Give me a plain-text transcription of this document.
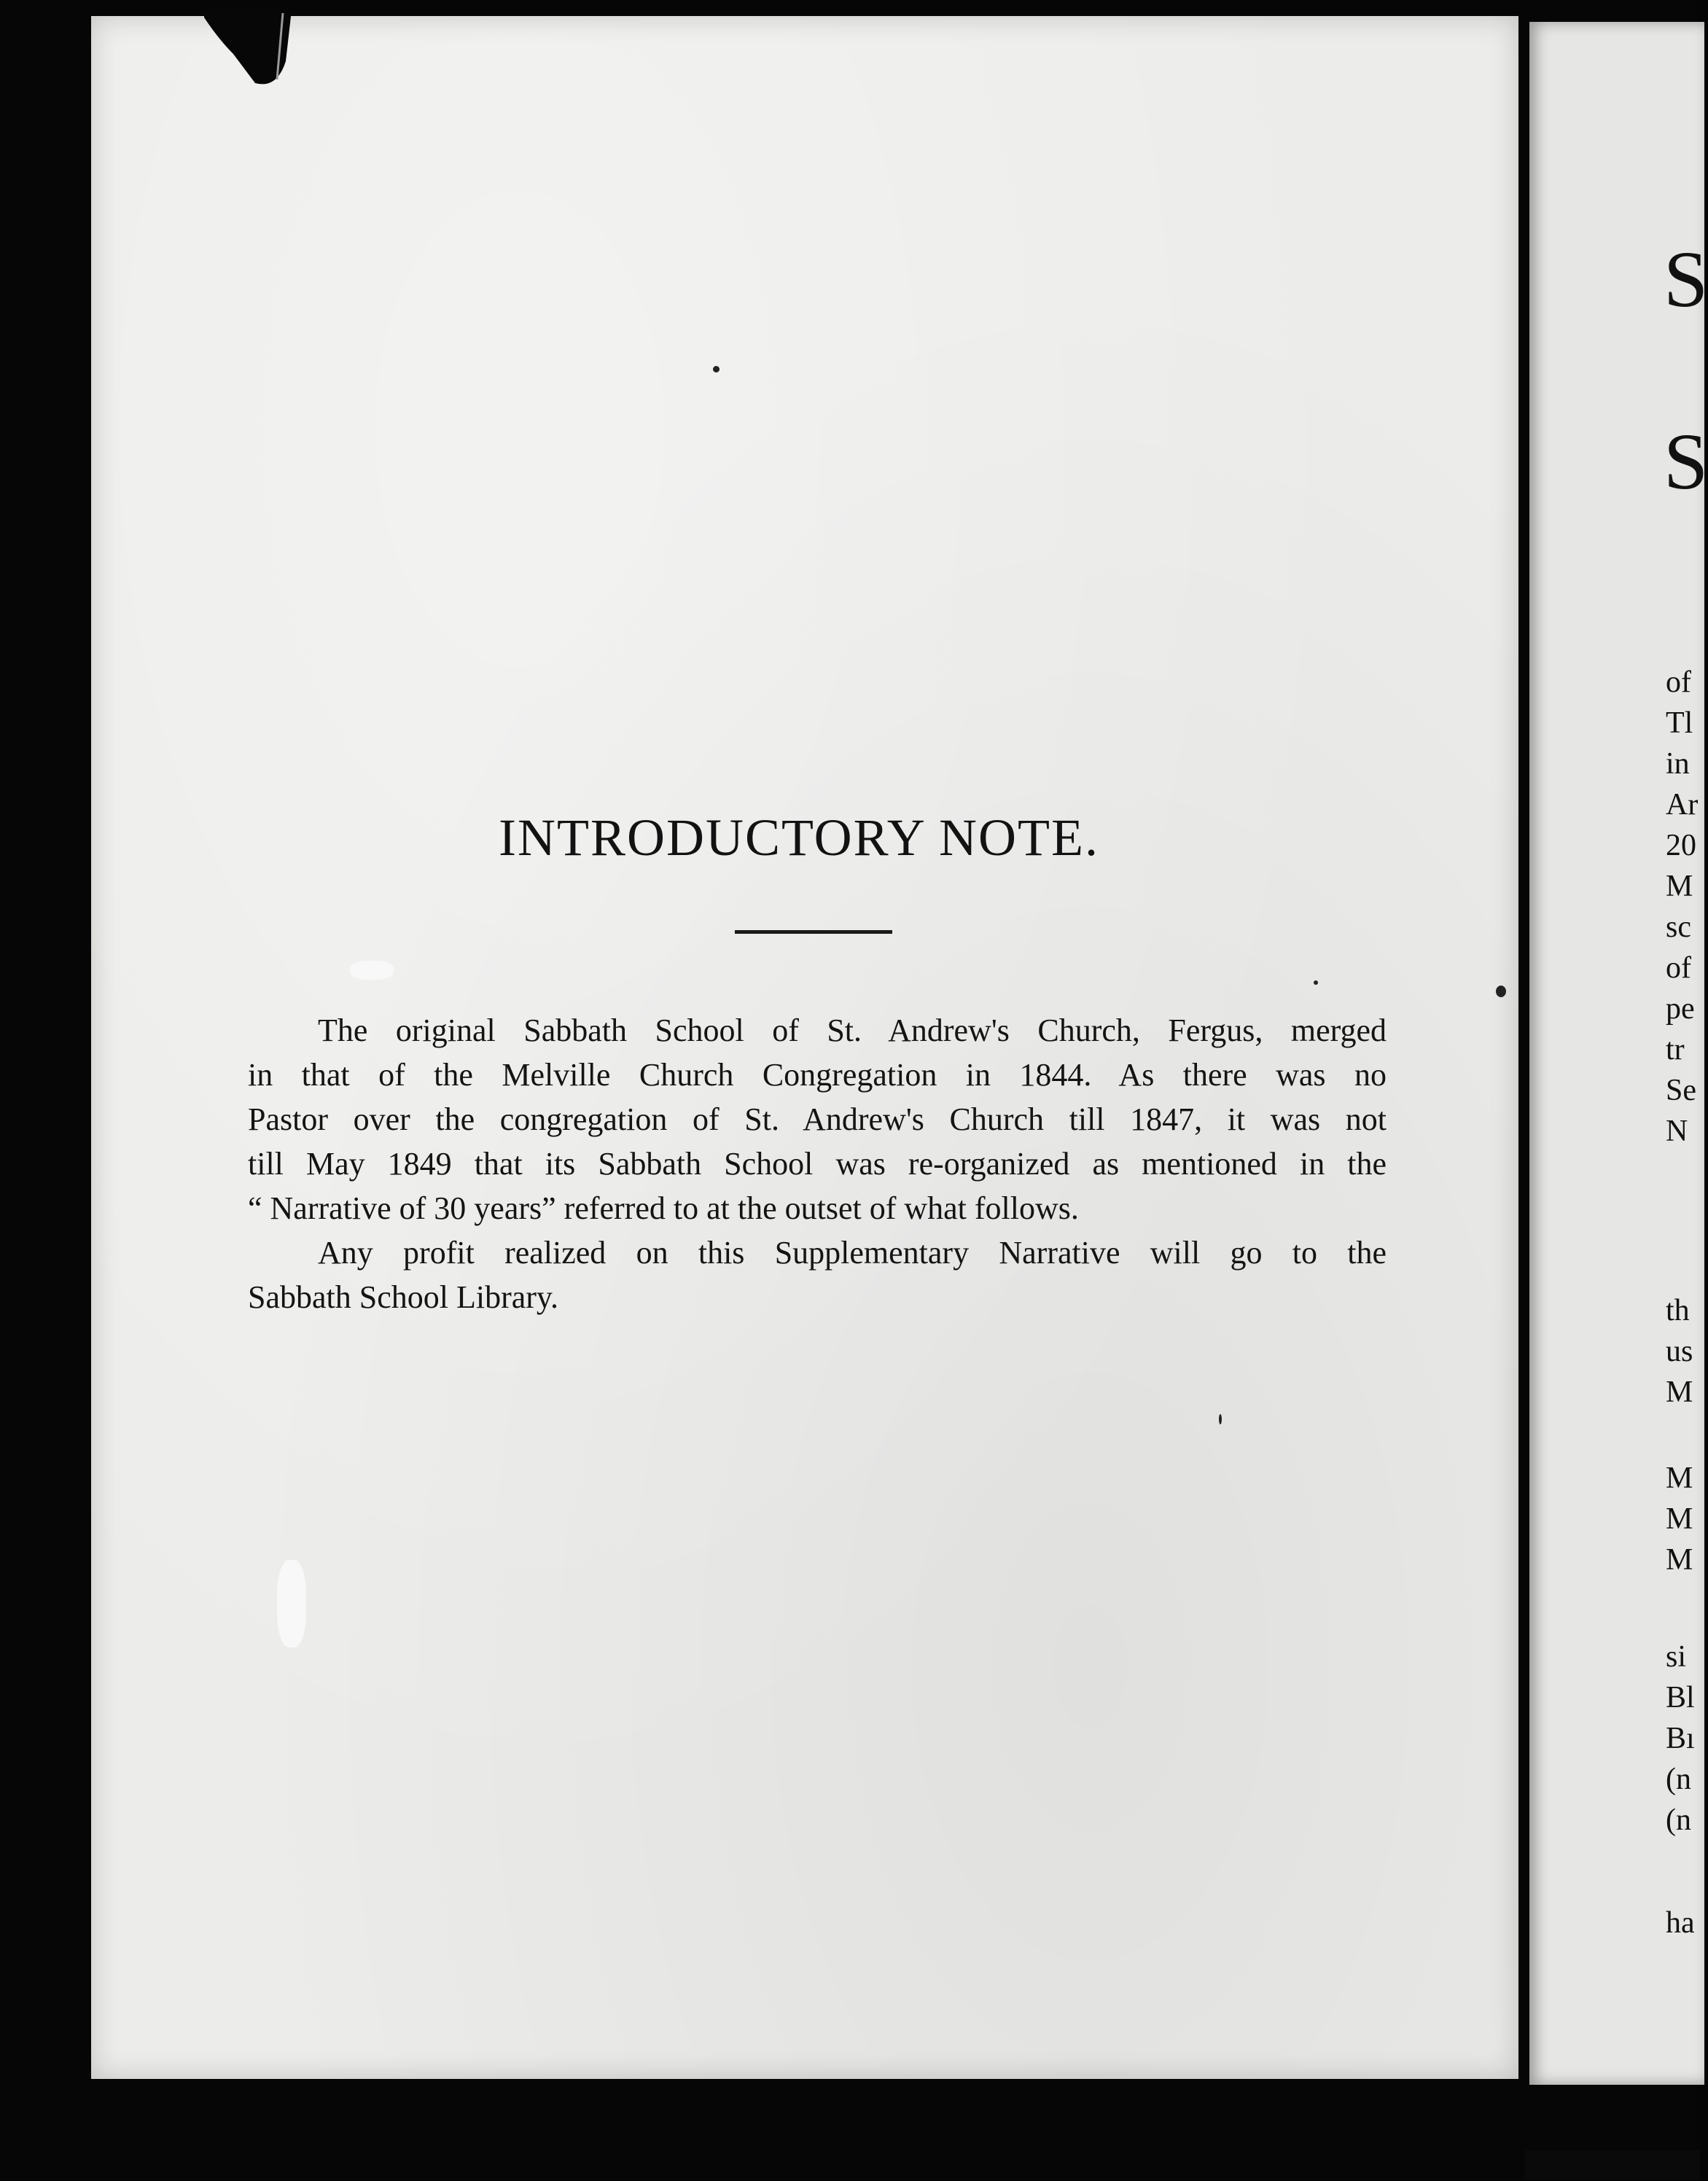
INTRODUCTORY NOTE.

The original Sabbath School of St. Andrew's Church, Fergus, merged
in that of the Melville Church Congregation in 1844. As there was no
Pastor over the congregation of St. Andrew's Church till 1847, it was not
till May 1849 that its Sabbath School was re-organized as mentioned in the
“ Narrative of 30 years” referred to at the outset of what follows.

Any profit realized on this Supplementary Narrative will go to the
Sabbath School Library.

S
S
of
Tl
in
Ar
20
M
sc
of
pe
tr
Se
N
th
us
M
M
M
M
si
Bl
Bı
(n
(n
ha
